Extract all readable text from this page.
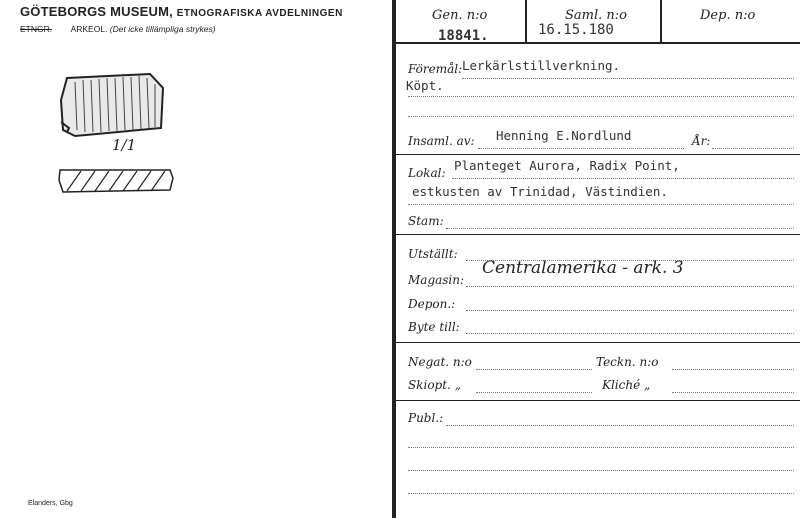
GÖTEBORGS MUSEUM, ETNOGRAFISKA AVDELNINGEN
ETNGR. ARKEOL. (Det icke tillämpliga strykes)
1/1
Elanders, Gbg
Gen. n:o
18841.
Saml. n:o
16.15.180
Dep. n:o
Föremål: Lerkärlstillverkning.
Köpt.
Insaml. av: Henning E.Nordlund	År:
Lokal: Planteget Aurora, Radix Point,
estkusten av Trinidad, Västindien.
Stam:
Utställt:
Magasin:
Centralamerika - ark. 3
Depon.:
Byte till:
Negat. n:o	Teckn. n:o
Skiopt. „	Kliché „
Publ.:
